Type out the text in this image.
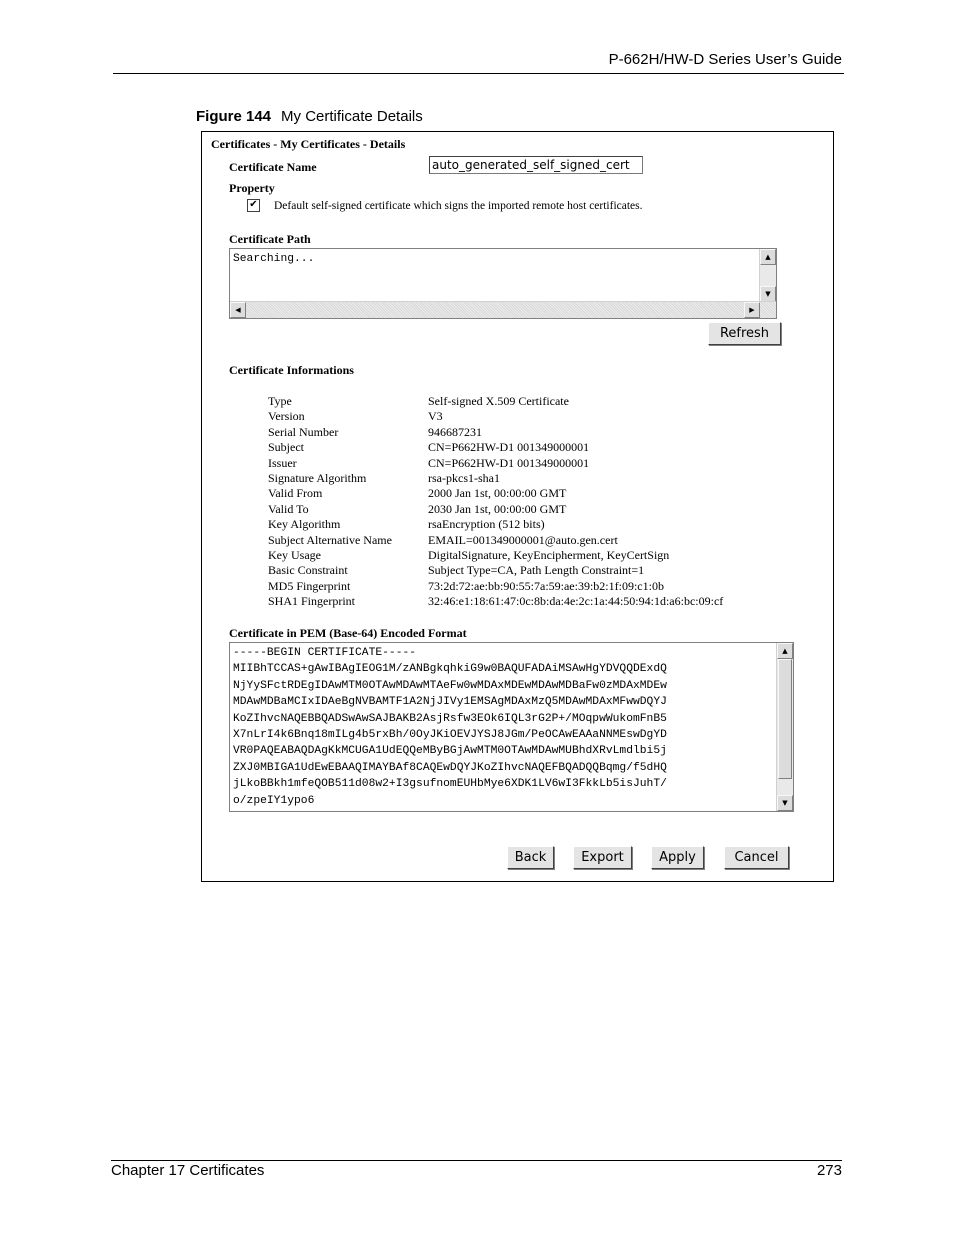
P-662H/HW-D Series User’s Guide
Figure 144 My Certificate Details
Certificates - My Certificates - Details
Certificate Name	auto_generated_self_signed_cert
Property
✔ Default self-signed certificate which signs the imported remote host certificates.
Certificate Path
Searching...	▲
▼
◀	▶
Refresh
Certificate Informations
Type	Self-signed X.509 Certificate
Version	V3
Serial Number	946687231
Subject	CN=P662HW-D1 001349000001
Issuer	CN=P662HW-D1 001349000001
Signature Algorithm	rsa-pkcs1-sha1
Valid From	2000 Jan 1st, 00:00:00 GMT
Valid To	2030 Jan 1st, 00:00:00 GMT
Key Algorithm	rsaEncryption (512 bits)
Subject Alternative Name	EMAIL=001349000001@auto.gen.cert
Key Usage	DigitalSignature, KeyEncipherment, KeyCertSign
Basic Constraint	Subject Type=CA, Path Length Constraint=1
MD5 Fingerprint	73:2d:72:ae:bb:90:55:7a:59:ae:39:b2:1f:09:c1:0b
SHA1 Fingerprint	32:46:e1:18:61:47:0c:8b:da:4e:2c:1a:44:50:94:1d:a6:bc:09:cf
Certificate in PEM (Base-64) Encoded Format
-----BEGIN CERTIFICATE-----
MIIBhTCCAS+gAwIBAgIEOG1M/zANBgkqhkiG9w0BAQUFADAiMSAwHgYDVQQDExdQ
NjYySFctRDEgIDAwMTM0OTAwMDAwMTAeFw0wMDAxMDEwMDAwMDBaFw0zMDAxMDEw
MDAwMDBaMCIxIDAeBgNVBAMTF1A2NjJIVy1EMSAgMDAxMzQ5MDAwMDAxMFwwDQYJ
KoZIhvcNAQEBBQADSwAwSAJBAKB2AsjRsfw3EOk6IQL3rG2P+/MOqpwWukomFnB5
X7nLrI4k6Bnq18mILg4b5rxBh/0OyJKiOEVJYSJ8JGm/PeOCAwEAAaNNMEswDgYD
VR0PAQEABAQDAgKkMCUGA1UdEQQeMByBGjAwMTM0OTAwMDAwMUBhdXRvLmdlbi5j
ZXJ0MBIGA1UdEwEBAAQIMAYBAf8CAQEwDQYJKoZIhvcNAQEFBQADQQBqmg/f5dHQ
jLkoBBkh1mfeQOB511d08w2+I3gsufnomEUHbMye6XDK1LV6wI3FkkLb5isJuhT/
o/zpeIY1ypo6
▲
▼
Back	Export	Apply	Cancel
Chapter 17 Certificates	273
